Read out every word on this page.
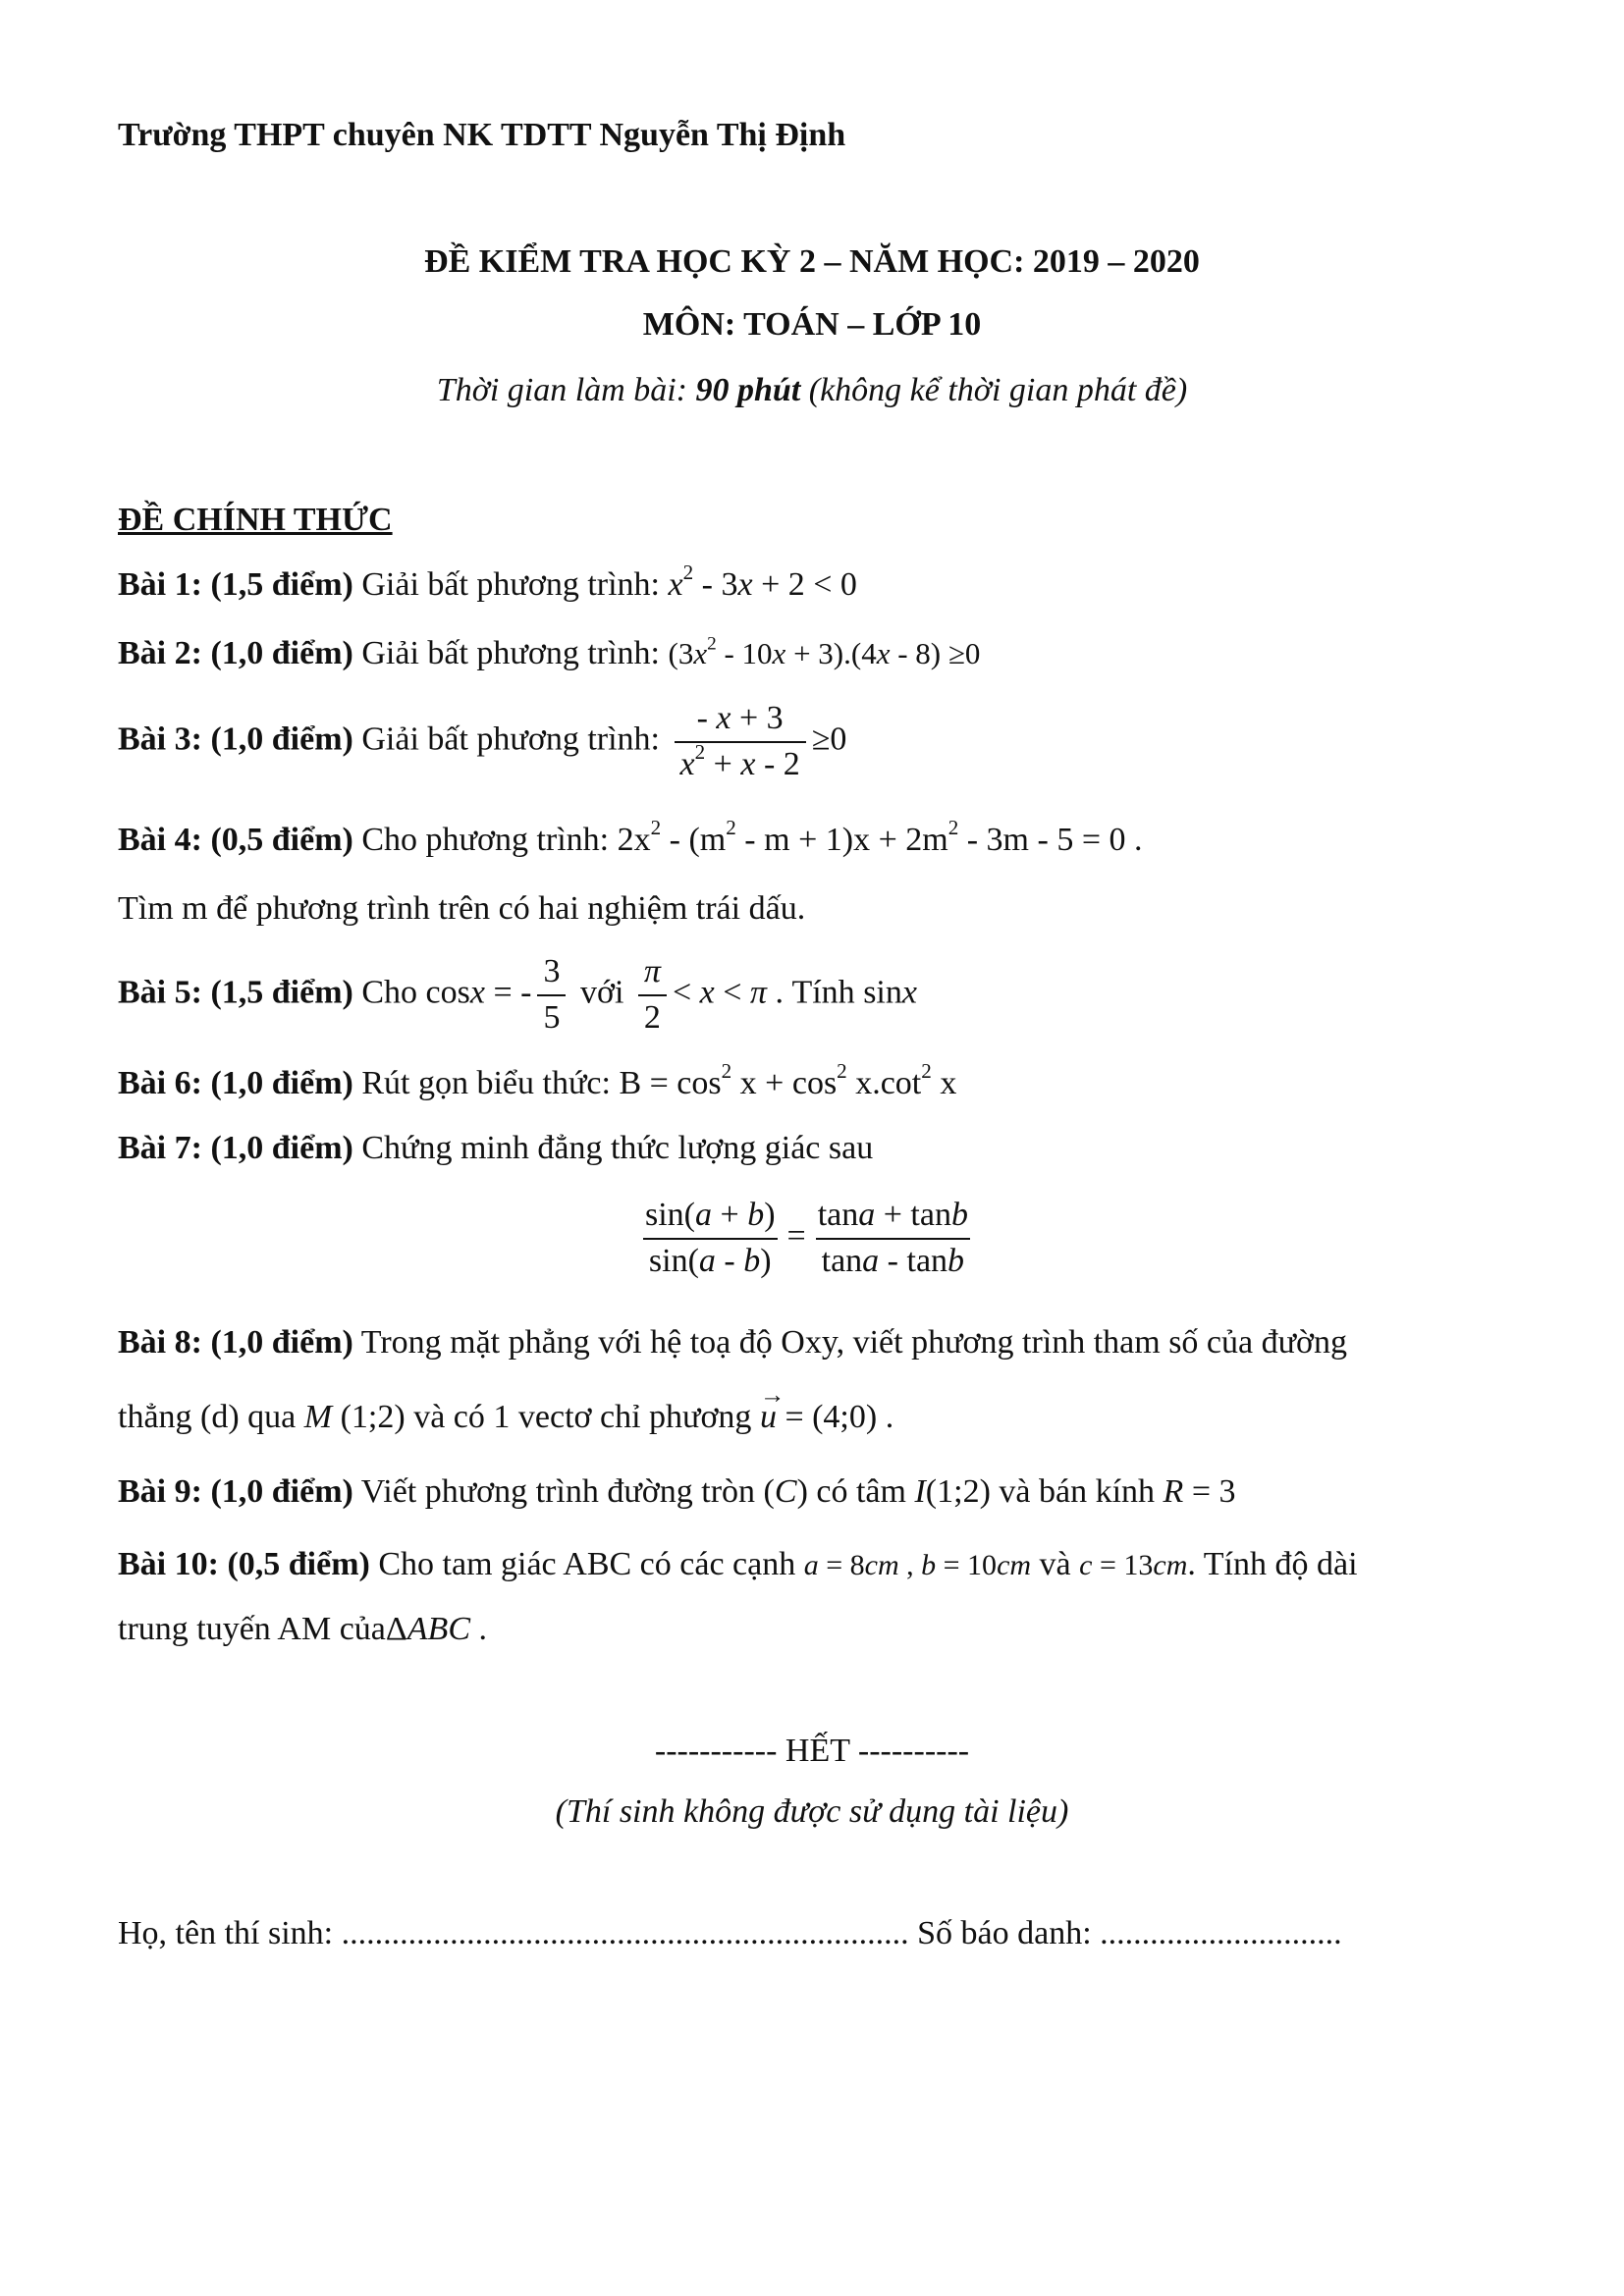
Trường THPT chuyên NK TDTT Nguyễn Thị Định
ĐỀ KIỂM TRA HỌC KỲ 2 – NĂM HỌC: 2019 – 2020
MÔN: TOÁN – LỚP 10
Thời gian làm bài: 90 phút (không kể thời gian phát đề)
ĐỀ CHÍNH THỨC
Bài 1: (1,5 điểm) Giải bất phương trình: $x^2 - 3x + 2 < 0$
Bài 2: (1,0 điểm) Giải bất phương trình: $(3x^2 - 10x + 3).(4x - 8) \ge 0$
Bài 3: (1,0 điểm) Giải bất phương trình: $\frac{- x + 3}{x^2 + x - 2} \ge 0$
Bài 4: (0,5 điểm) Cho phương trình: $2x^2 - (m^2 - m + 1)x + 2m^2 - 3m - 5 = 0$ .
Tìm m để phương trình trên có hai nghiệm trái dấu.
Bài 5: (1,5 điểm) Cho cosx = - $\frac{3}{5}$ với $\frac{\pi}{2} < x < \pi$ . Tính sinx
Bài 6: (1,0 điểm) Rút gọn biểu thức: $B = \cos^2 x + \cos^2 x.\cot^2$ x
Bài 7: (1,0 điểm) Chứng minh đẳng thức lượng giác sau
$\frac{\sin(a + b)}{\sin(a - b)} = \frac{\tan a + \tan b}{\tan a - \tan b}$
Bài 8: (1,0 điểm) Trong mặt phẳng với hệ toạ độ Oxy, viết phương trình tham số của đường
thẳng (d) qua M (1;2) và có 1 vectơ chỉ phương → u = (4;0) .
Bài 9: (1,0 điểm) Viết phương trình đường tròn (C) có tâm I(1;2) và bán kính R = 3
Bài 10: (0,5 điểm) Cho tam giác ABC có các cạnh a = 8cm , b = 10cm và c = 13cm. Tính độ dài
trung tuyến AM củaΔABC .
----------- HẾT ----------
(Thí sinh không được sử dụng tài liệu)
Họ, tên thí sinh: .................................................................... Số báo danh: .............................
